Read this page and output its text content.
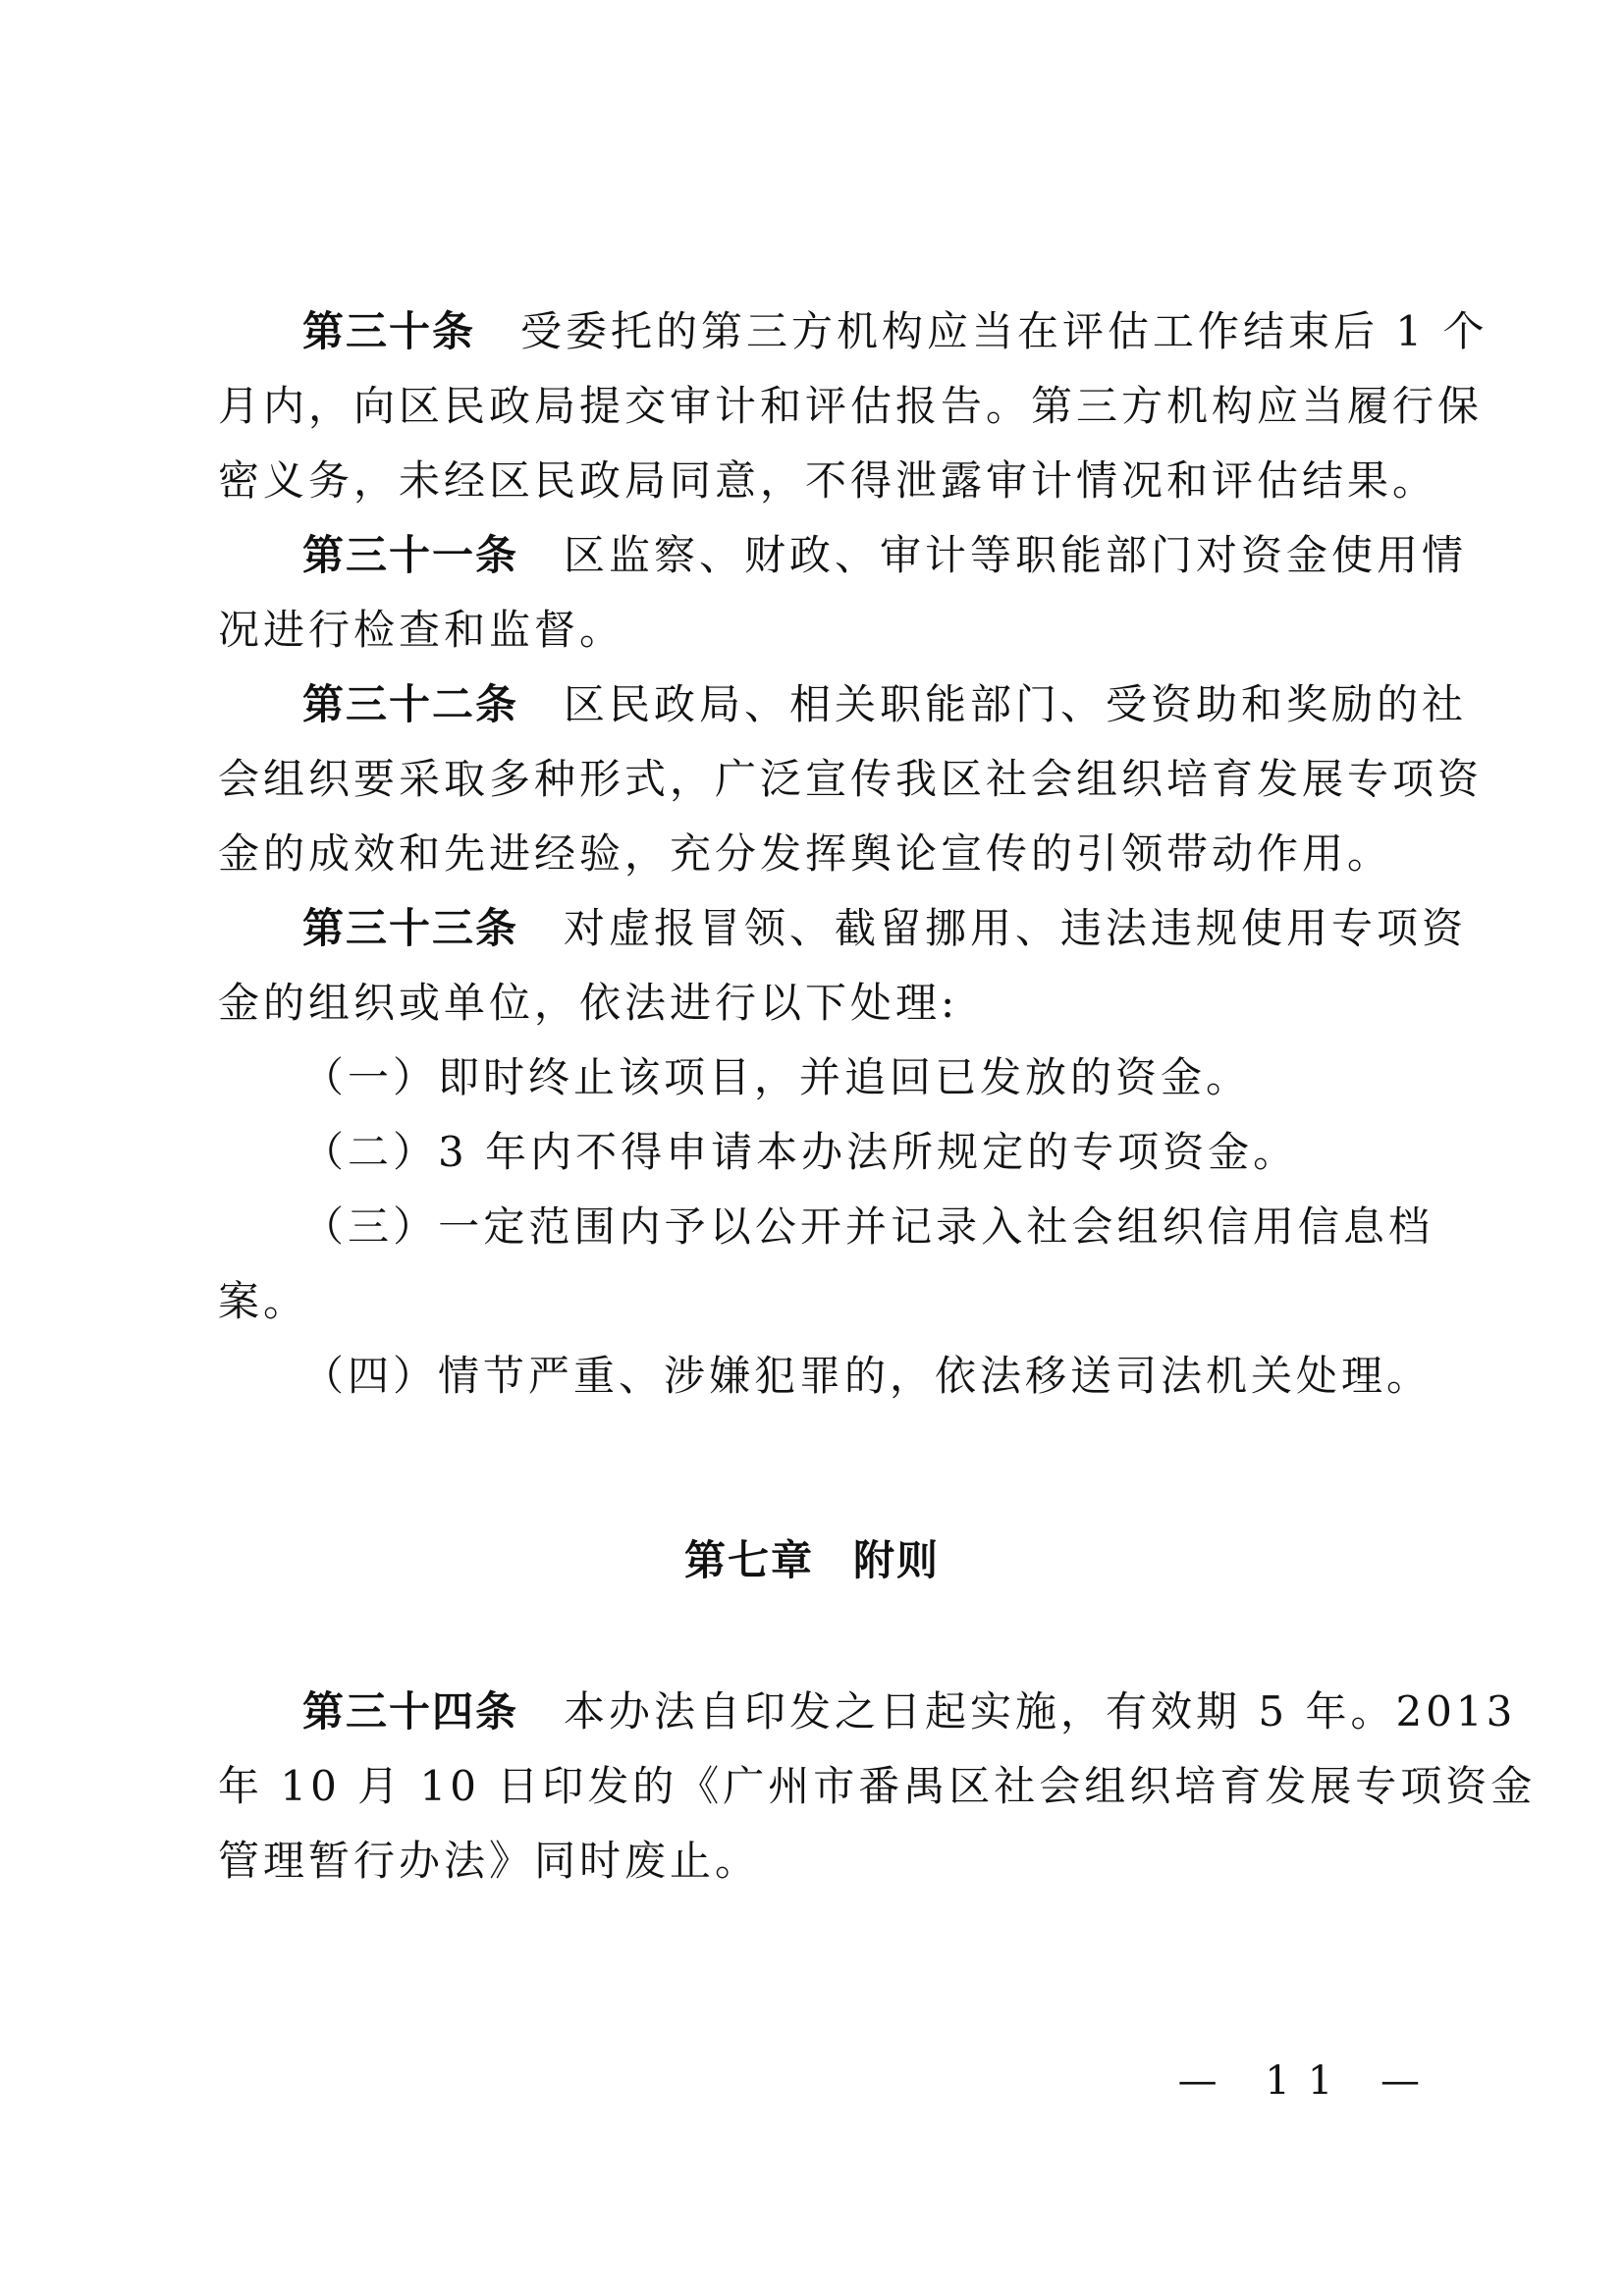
第三十条 受委托的第三方机构应当在评估工作结束后 1 个
月内，向区民政局提交审计和评估报告。第三方机构应当履行保
密义务，未经区民政局同意，不得泄露审计情况和评估结果。
第三十一条 区监察、财政、审计等职能部门对资金使用情
况进行检查和监督。
第三十二条 区民政局、相关职能部门、受资助和奖励的社
会组织要采取多种形式，广泛宣传我区社会组织培育发展专项资
金的成效和先进经验，充分发挥舆论宣传的引领带动作用。
第三十三条 对虚报冒领、截留挪用、违法违规使用专项资
金的组织或单位，依法进行以下处理:
（一）即时终止该项目，并追回已发放的资金。
（二）3 年内不得申请本办法所规定的专项资金。
（三）一定范围内予以公开并记录入社会组织信用信息档
案。
（四）情节严重、涉嫌犯罪的，依法移送司法机关处理。
第七章 附则
第三十四条 本办法自印发之日起实施，有效期 5 年。2013
年 10 月 10 日印发的《广州市番禺区社会组织培育发展专项资金
管理暂行办法》同时废止。
— 11 —
